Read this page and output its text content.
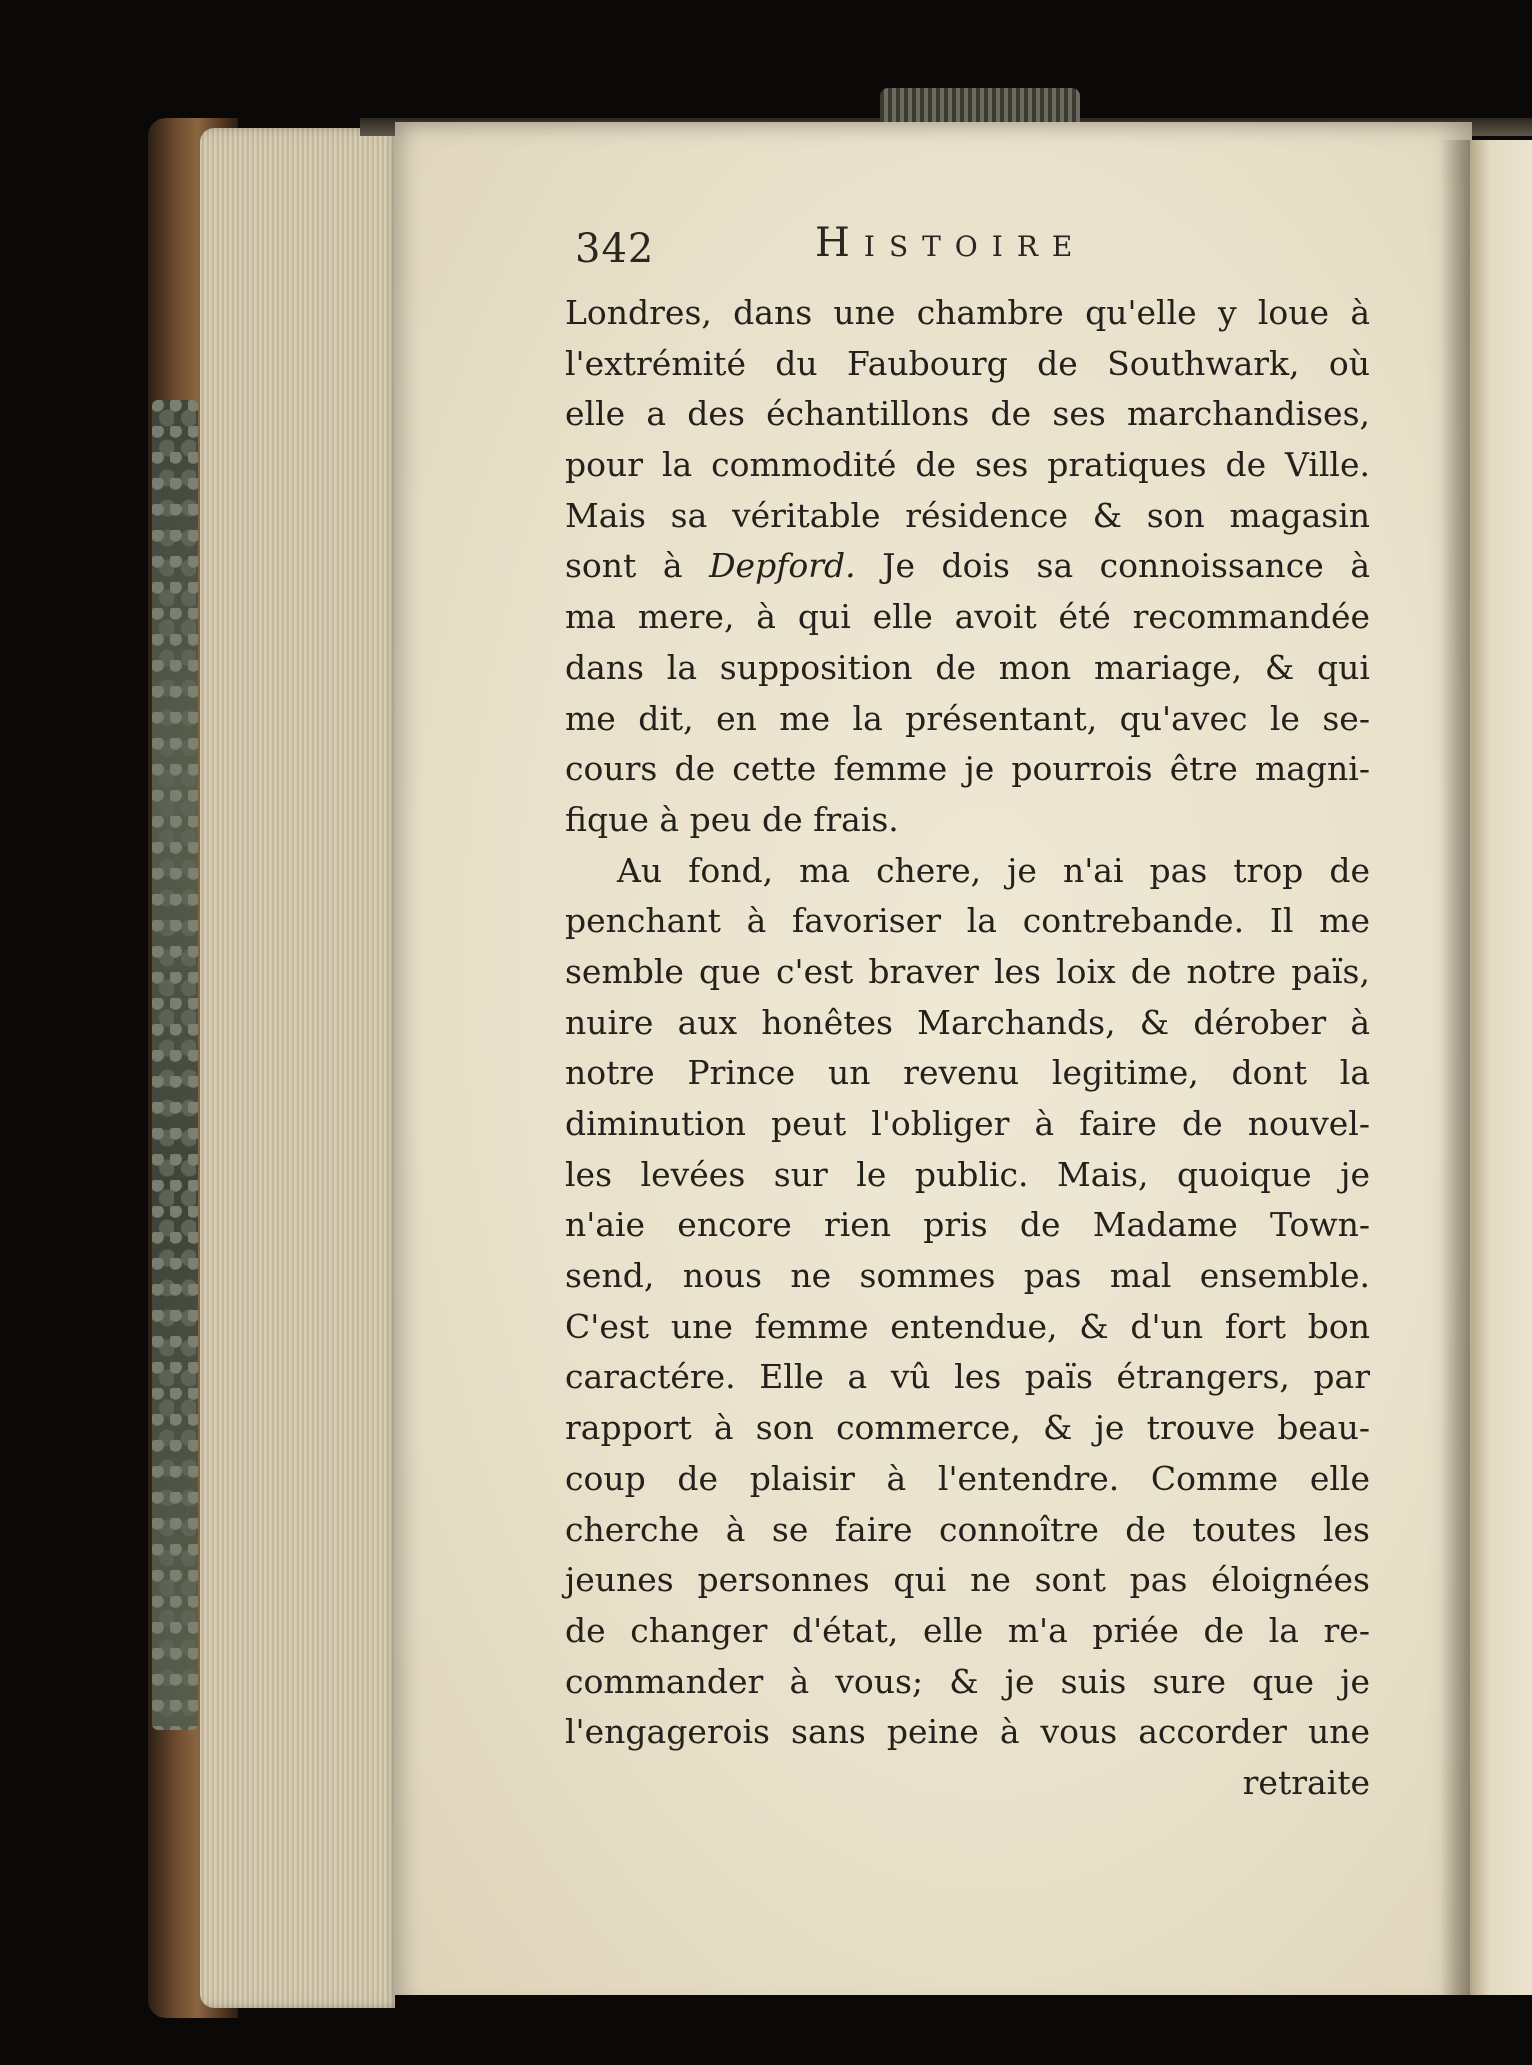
342	Histoire
Londres, dans une chambre qu'elle y loue à
l'extrémité du Faubourg de Southwark, où
elle a des échantillons de ses marchandises,
pour la commodité de ses pratiques de Ville.
Mais sa véritable résidence & son magasin
sont à Depford. Je dois sa connoissance à
ma mere, à qui elle avoit été recommandée
dans la supposition de mon mariage, & qui
me dit, en me la présentant, qu'avec le se-
cours de cette femme je pourrois être magni-
fique à peu de frais.
Au fond, ma chere, je n'ai pas trop de
penchant à favoriser la contrebande. Il me
semble que c'est braver les loix de notre païs,
nuire aux honêtes Marchands, & dérober à
notre Prince un revenu legitime, dont la
diminution peut l'obliger à faire de nouvel-
les levées sur le public. Mais, quoique je
n'aie encore rien pris de Madame Town-
send, nous ne sommes pas mal ensemble.
C'est une femme entendue, & d'un fort bon
caractére. Elle a vû les païs étrangers, par
rapport à son commerce, & je trouve beau-
coup de plaisir à l'entendre. Comme elle
cherche à se faire connoître de toutes les
jeunes personnes qui ne sont pas éloignées
de changer d'état, elle m'a priée de la re-
commander à vous; & je suis sure que je
l'engagerois sans peine à vous accorder une
retraite
